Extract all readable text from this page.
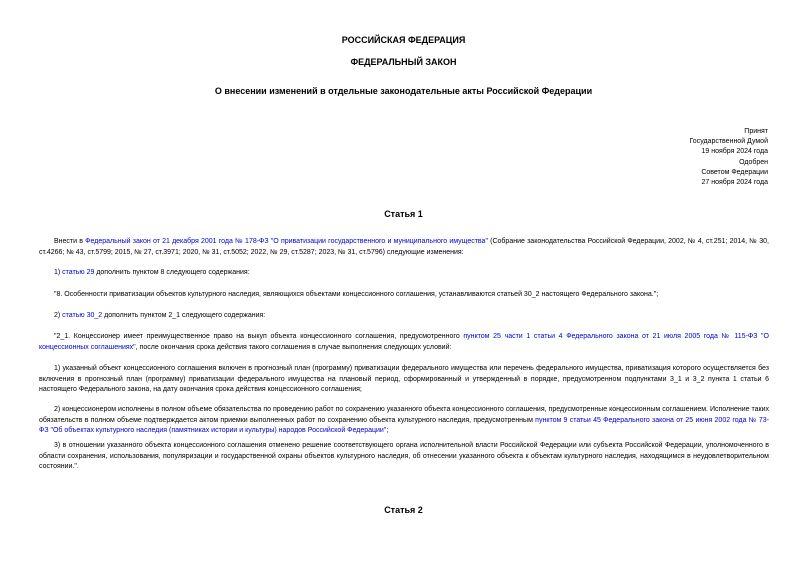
РОССИЙСКАЯ ФЕДЕРАЦИЯ
ФЕДЕРАЛЬНЫЙ ЗАКОН
О внесении изменений в отдельные законодательные акты Российской Федерации
Принят
Государственной Думой
19 ноября 2024 года
Одобрен
Советом Федерации
27 ноября 2024 года
Статья 1
Внести в Федеральный закон от 21 декабря 2001 года № 178-ФЗ "О приватизации государственного и муниципального имущества" (Собрание законодательства Российской Федерации, 2002, № 4, ст.251; 2014, № 30, ст.4266; № 43, ст.5799; 2015, № 27, ст.3971; 2020, № 31, ст.5052; 2022, № 29, ст.5287; 2023, № 31, ст.5796) следующие изменения:
1) статью 29 дополнить пунктом 8 следующего содержания:
"8. Особенности приватизации объектов культурного наследия, являющихся объектами концессионного соглашения, устанавливаются статьей 30_2 настоящего Федерального закона.";
2) статью 30_2 дополнить пунктом 2_1 следующего содержания:
"2_1. Концессионер имеет преимущественное право на выкуп объекта концессионного соглашения, предусмотренного пунктом 25 части 1 статьи 4 Федерального закона от 21 июля 2005 года № 115-ФЗ "О концессионных соглашениях", после окончания срока действия такого соглашения в случае выполнения следующих условий:
1) указанный объект концессионного соглашения включен в прогнозный план (программу) приватизации федерального имущества или перечень федерального имущества, приватизация которого осуществляется без включения в прогнозный план (программу) приватизации федерального имущества на плановый период, сформированный и утвержденный в порядке, предусмотренном подпунктами 3_1 и 3_2 пункта 1 статьи 6 настоящего Федерального закона, на дату окончания срока действия концессионного соглашения;
2) концессионером исполнены в полном объеме обязательства по проведению работ по сохранению указанного объекта концессионного соглашения, предусмотренные концессионным соглашением. Исполнение таких обязательств в полном объеме подтверждается актом приемки выполненных работ по сохранению объекта культурного наследия, предусмотренным пунктом 9 статьи 45 Федерального закона от 25 июня 2002 года № 73-ФЗ "Об объектах культурного наследия (памятниках истории и культуры) народов Российской Федерации";
3) в отношении указанного объекта концессионного соглашения отменено решение соответствующего органа исполнительной власти Российской Федерации или субъекта Российской Федерации, уполномоченного в области сохранения, использования, популяризации и государственной охраны объектов культурного наследия, об отнесении указанного объекта к объектам культурного наследия, находящимся в неудовлетворительном состоянии.".
Статья 2
